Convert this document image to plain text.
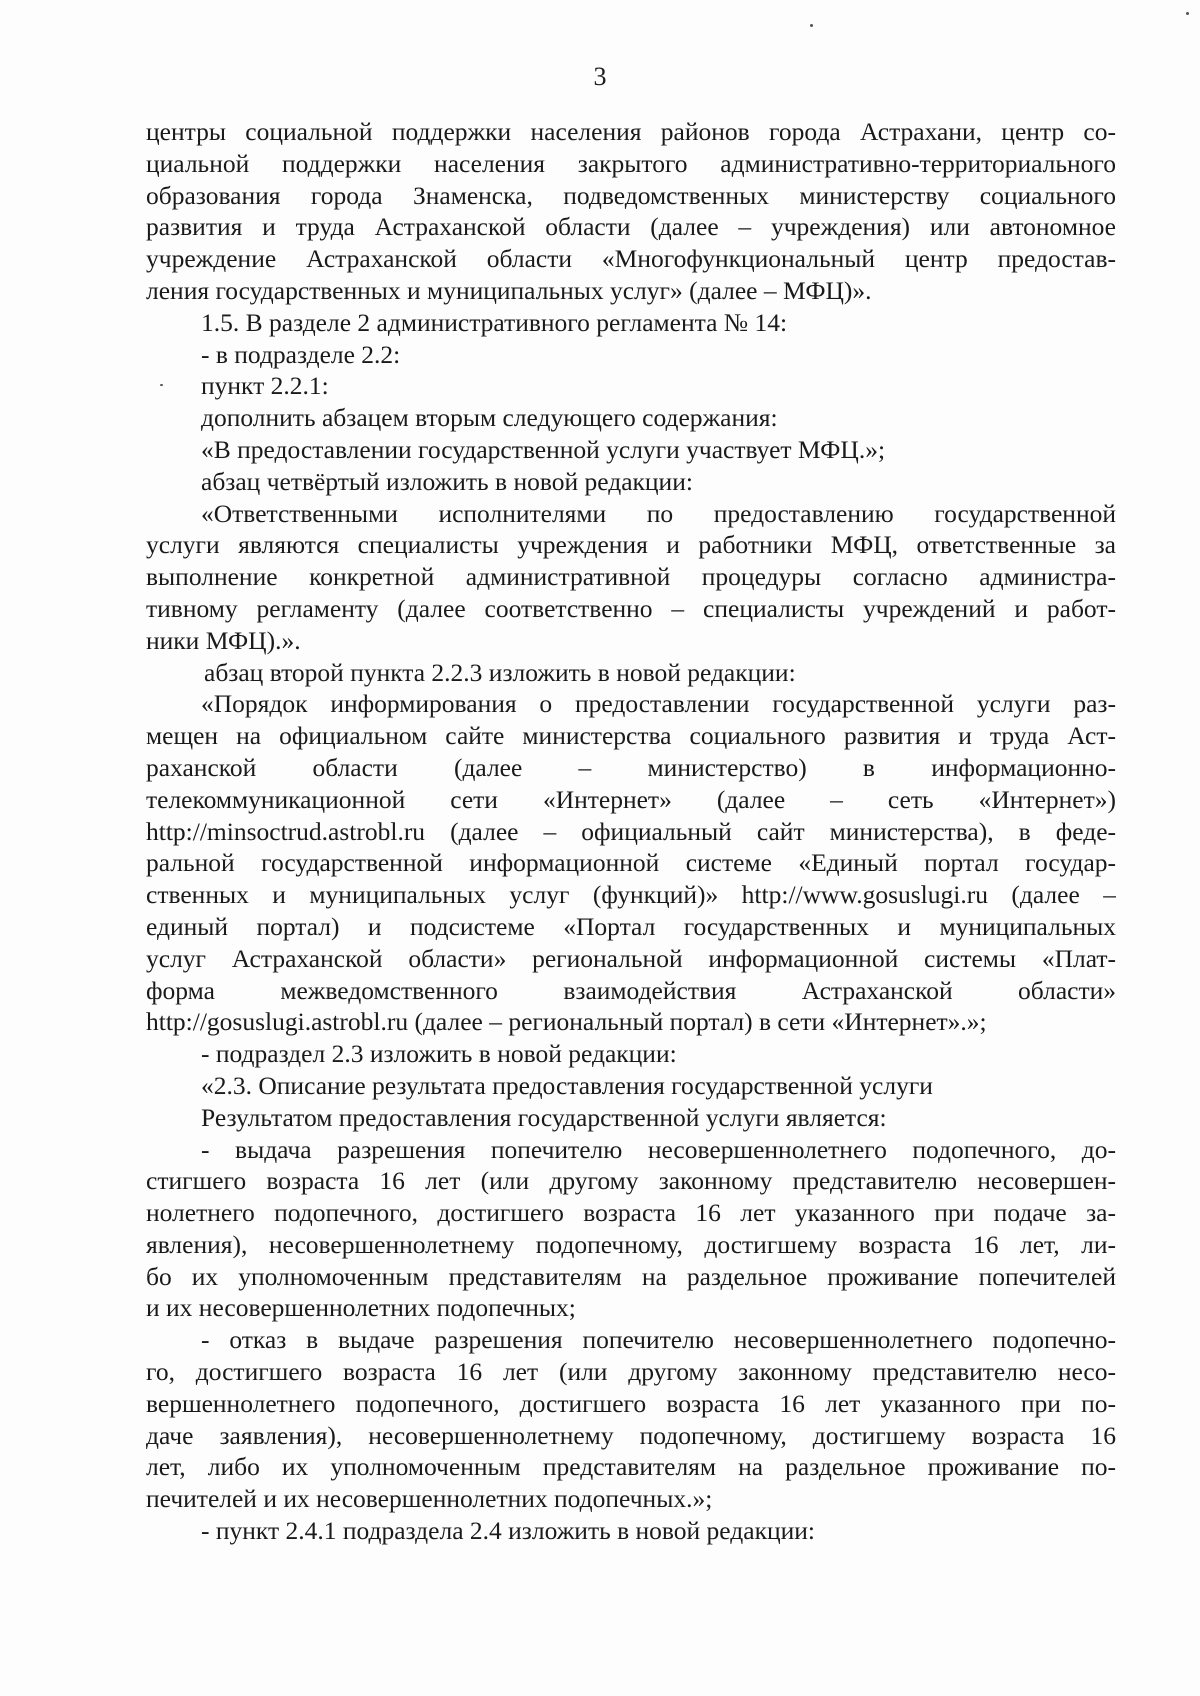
3
центры социальной поддержки населения районов города Астрахани, центр со-
циальной поддержки населения закрытого административно-территориального
образования города Знаменска, подведомственных министерству социального
развития и труда Астраханской области (далее – учреждения) или автономное
учреждение Астраханской области «Многофункциональный центр предостав-
ления государственных и муниципальных услуг» (далее – МФЦ)».
1.5. В разделе 2 административного регламента № 14:
- в подразделе 2.2:
пункт 2.2.1:
дополнить абзацем вторым следующего содержания:
«В предоставлении государственной услуги участвует МФЦ.»;
абзац четвёртый изложить в новой редакции:
«Ответственными исполнителями по предоставлению государственной
услуги являются специалисты учреждения и работники МФЦ, ответственные за
выполнение конкретной административной процедуры согласно администра-
тивному регламенту (далее соответственно – специалисты учреждений и работ-
ники МФЦ).».
абзац второй пункта 2.2.3 изложить в новой редакции:
«Порядок информирования о предоставлении государственной услуги раз-
мещен на официальном сайте министерства социального развития и труда Аст-
раханской области (далее – министерство) в информационно-
телекоммуникационной сети «Интернет» (далее – сеть «Интернет»)
http://minsoctrud.astrobl.ru (далее – официальный сайт министерства), в феде-
ральной государственной информационной системе «Единый портал государ-
ственных и муниципальных услуг (функций)» http://www.gosuslugi.ru (далее –
единый портал) и подсистеме «Портал государственных и муниципальных
услуг Астраханской области» региональной информационной системы «Плат-
форма межведомственного взаимодействия Астраханской области»
http://gosuslugi.astrobl.ru (далее – региональный портал) в сети «Интернет».»;
- подраздел 2.3 изложить в новой редакции:
«2.3. Описание результата предоставления государственной услуги
Результатом предоставления государственной услуги является:
- выдача разрешения попечителю несовершеннолетнего подопечного, до-
стигшего возраста 16 лет (или другому законному представителю несовершен-
нолетнего подопечного, достигшего возраста 16 лет указанного при подаче за-
явления), несовершеннолетнему подопечному, достигшему возраста 16 лет, ли-
бо их уполномоченным представителям на раздельное проживание попечителей
и их несовершеннолетних подопечных;
- отказ в выдаче разрешения попечителю несовершеннолетнего подопечно-
го, достигшего возраста 16 лет (или другому законному представителю несо-
вершеннолетнего подопечного, достигшего возраста 16 лет указанного при по-
даче заявления), несовершеннолетнему подопечному, достигшему возраста 16
лет, либо их уполномоченным представителям на раздельное проживание по-
печителей и их несовершеннолетних подопечных.»;
- пункт 2.4.1 подраздела 2.4 изложить в новой редакции:
